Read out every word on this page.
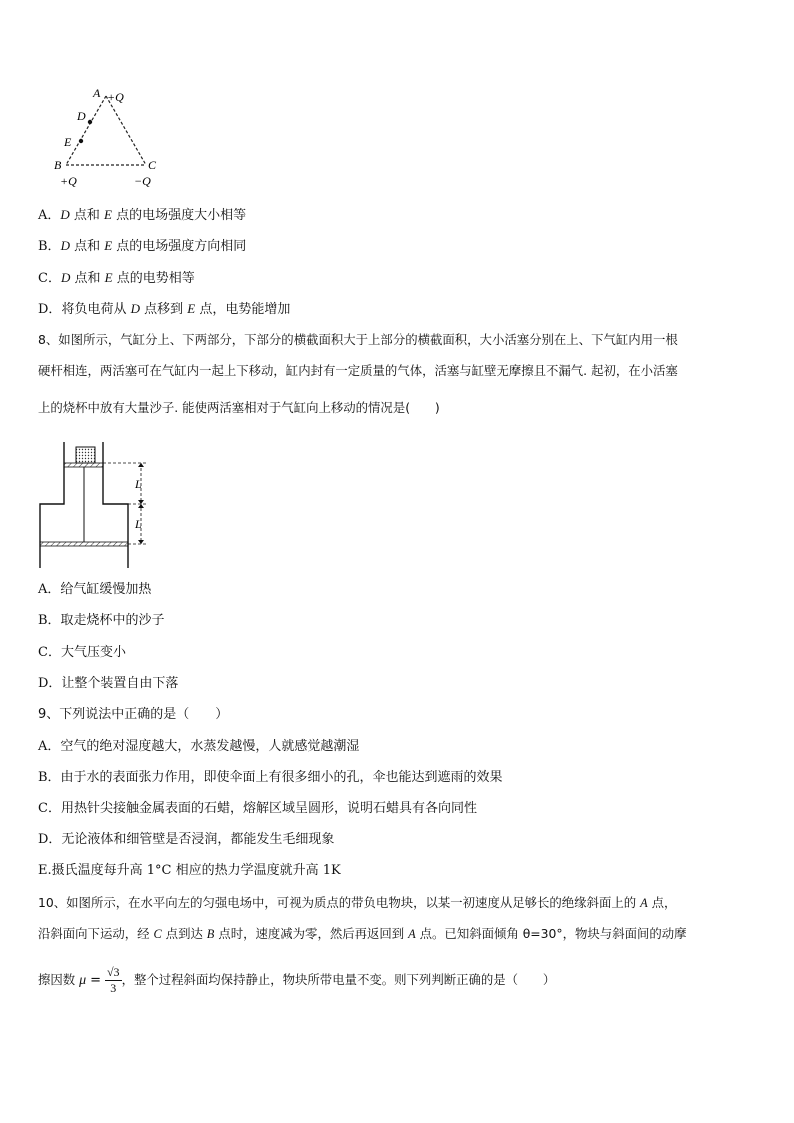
A +Q
D
E
B	C
+Q	−Q
A．D 点和 E 点的电场强度大小相等
B．D 点和 E 点的电场强度方向相同
C．D 点和 E 点的电势相等
D．将负电荷从 D 点移到 E 点，电势能增加
8、如图所示，气缸分上、下两部分，下部分的横截面积大于上部分的横截面积，大小活塞分别在上、下气缸内用一根
硬杆相连，两活塞可在气缸内一起上下移动，缸内封有一定质量的气体，活塞与缸壁无摩擦且不漏气. 起初，在小活塞
上的烧杯中放有大量沙子. 能使两活塞相对于气缸向上移动的情况是(　　)
L
L
A．给气缸缓慢加热
B．取走烧杯中的沙子
C．大气压变小
D．让整个装置自由下落
9、下列说法中正确的是（　　）
A．空气的绝对湿度越大，水蒸发越慢，人就感觉越潮湿
B．由于水的表面张力作用，即使伞面上有很多细小的孔，伞也能达到遮雨的效果
C．用热针尖接触金属表面的石蜡，熔解区域呈圆形，说明石蜡具有各向同性
D．无论液体和细管壁是否浸润，都能发生毛细现象
E.摄氏温度每升高 1°C 相应的热力学温度就升高 1K
10、如图所示，在水平向左的匀强电场中，可视为质点的带负电物块，以某一初速度从足够长的绝缘斜面上的 A 点，
沿斜面向下运动，经 C 点到达 B 点时，速度减为零，然后再返回到 A 点。已知斜面倾角 θ=30°，物块与斜面间的动摩
擦因数 $\mu = \frac{√3}{3}$ ，整个过程斜面均保持静止，物块所带电量不变。则下列判断正确的是（　　）
